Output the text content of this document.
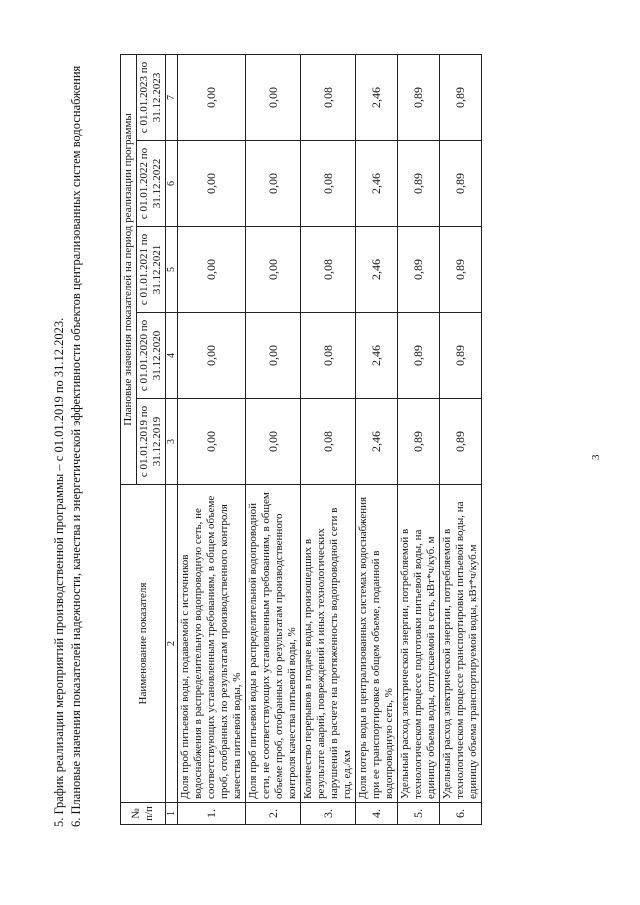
3
5. График реализации мероприятий производственной программы – с 01.01.2019 по 31.12.2023. 6. Плановые значения показателей надежности, качества и энергетической эффективности объектов централизованных систем водоснабжения	№ п/п	Наименование показателя	Плановые значения показателей на период реализации программы				
		с 01.01.2019 по 31.12.2019	с 01.01.2020 по 31.12.2020	с 01.01.2021 по 31.12.2021	с 01.01.2022 по 31.12.2022	с 01.01.2023 по 31.12.2023
1	2	3	4	5	6	7
1.	Доля проб питьевой воды, подаваемой с источников водоснабжения в распределительную водопроводную сеть, не соответствующих установленным требованиям, в общем объеме проб, отобранных по результатам производственного контроля качества питьевой воды, %	0,00	0,00	0,00	0,00	0,00
2.	Доля проб питьевой воды в распределительной водопроводной сети, не соответствующих установленным требованиям, в общем объеме проб, отобранных по результатам производственного контроля качества питьевой воды, %	0,00	0,00	0,00	0,00	0,00
3.	Количество перерывов в подаче воды, произошедших в результате аварий, повреждений и иных технологических нарушений в расчете на протяженность водопроводной сети в год, ед./км	0,08	0,08	0,08	0,08	0,08
4.	Доля потерь воды в централизованных системах водоснабжения при ее транспортировке в общем объеме, поданной в водопроводную сеть, %	2,46	2,46	2,46	2,46	2,46
5.	Удельный расход электрической энергии, потребляемой в технологическом процессе подготовки питьевой воды, на единицу объема воды, отпускаемой в сеть, кВт*ч/куб. м	0,89	0,89	0,89	0,89	0,89
6.	Удельный расход электрической энергии, потребляемой в технологическом процессе транспортировки питьевой воды, на единицу объема транспортируемой воды, кВт*ч/куб.м	0,89	0,89	0,89	0,89	0,89
